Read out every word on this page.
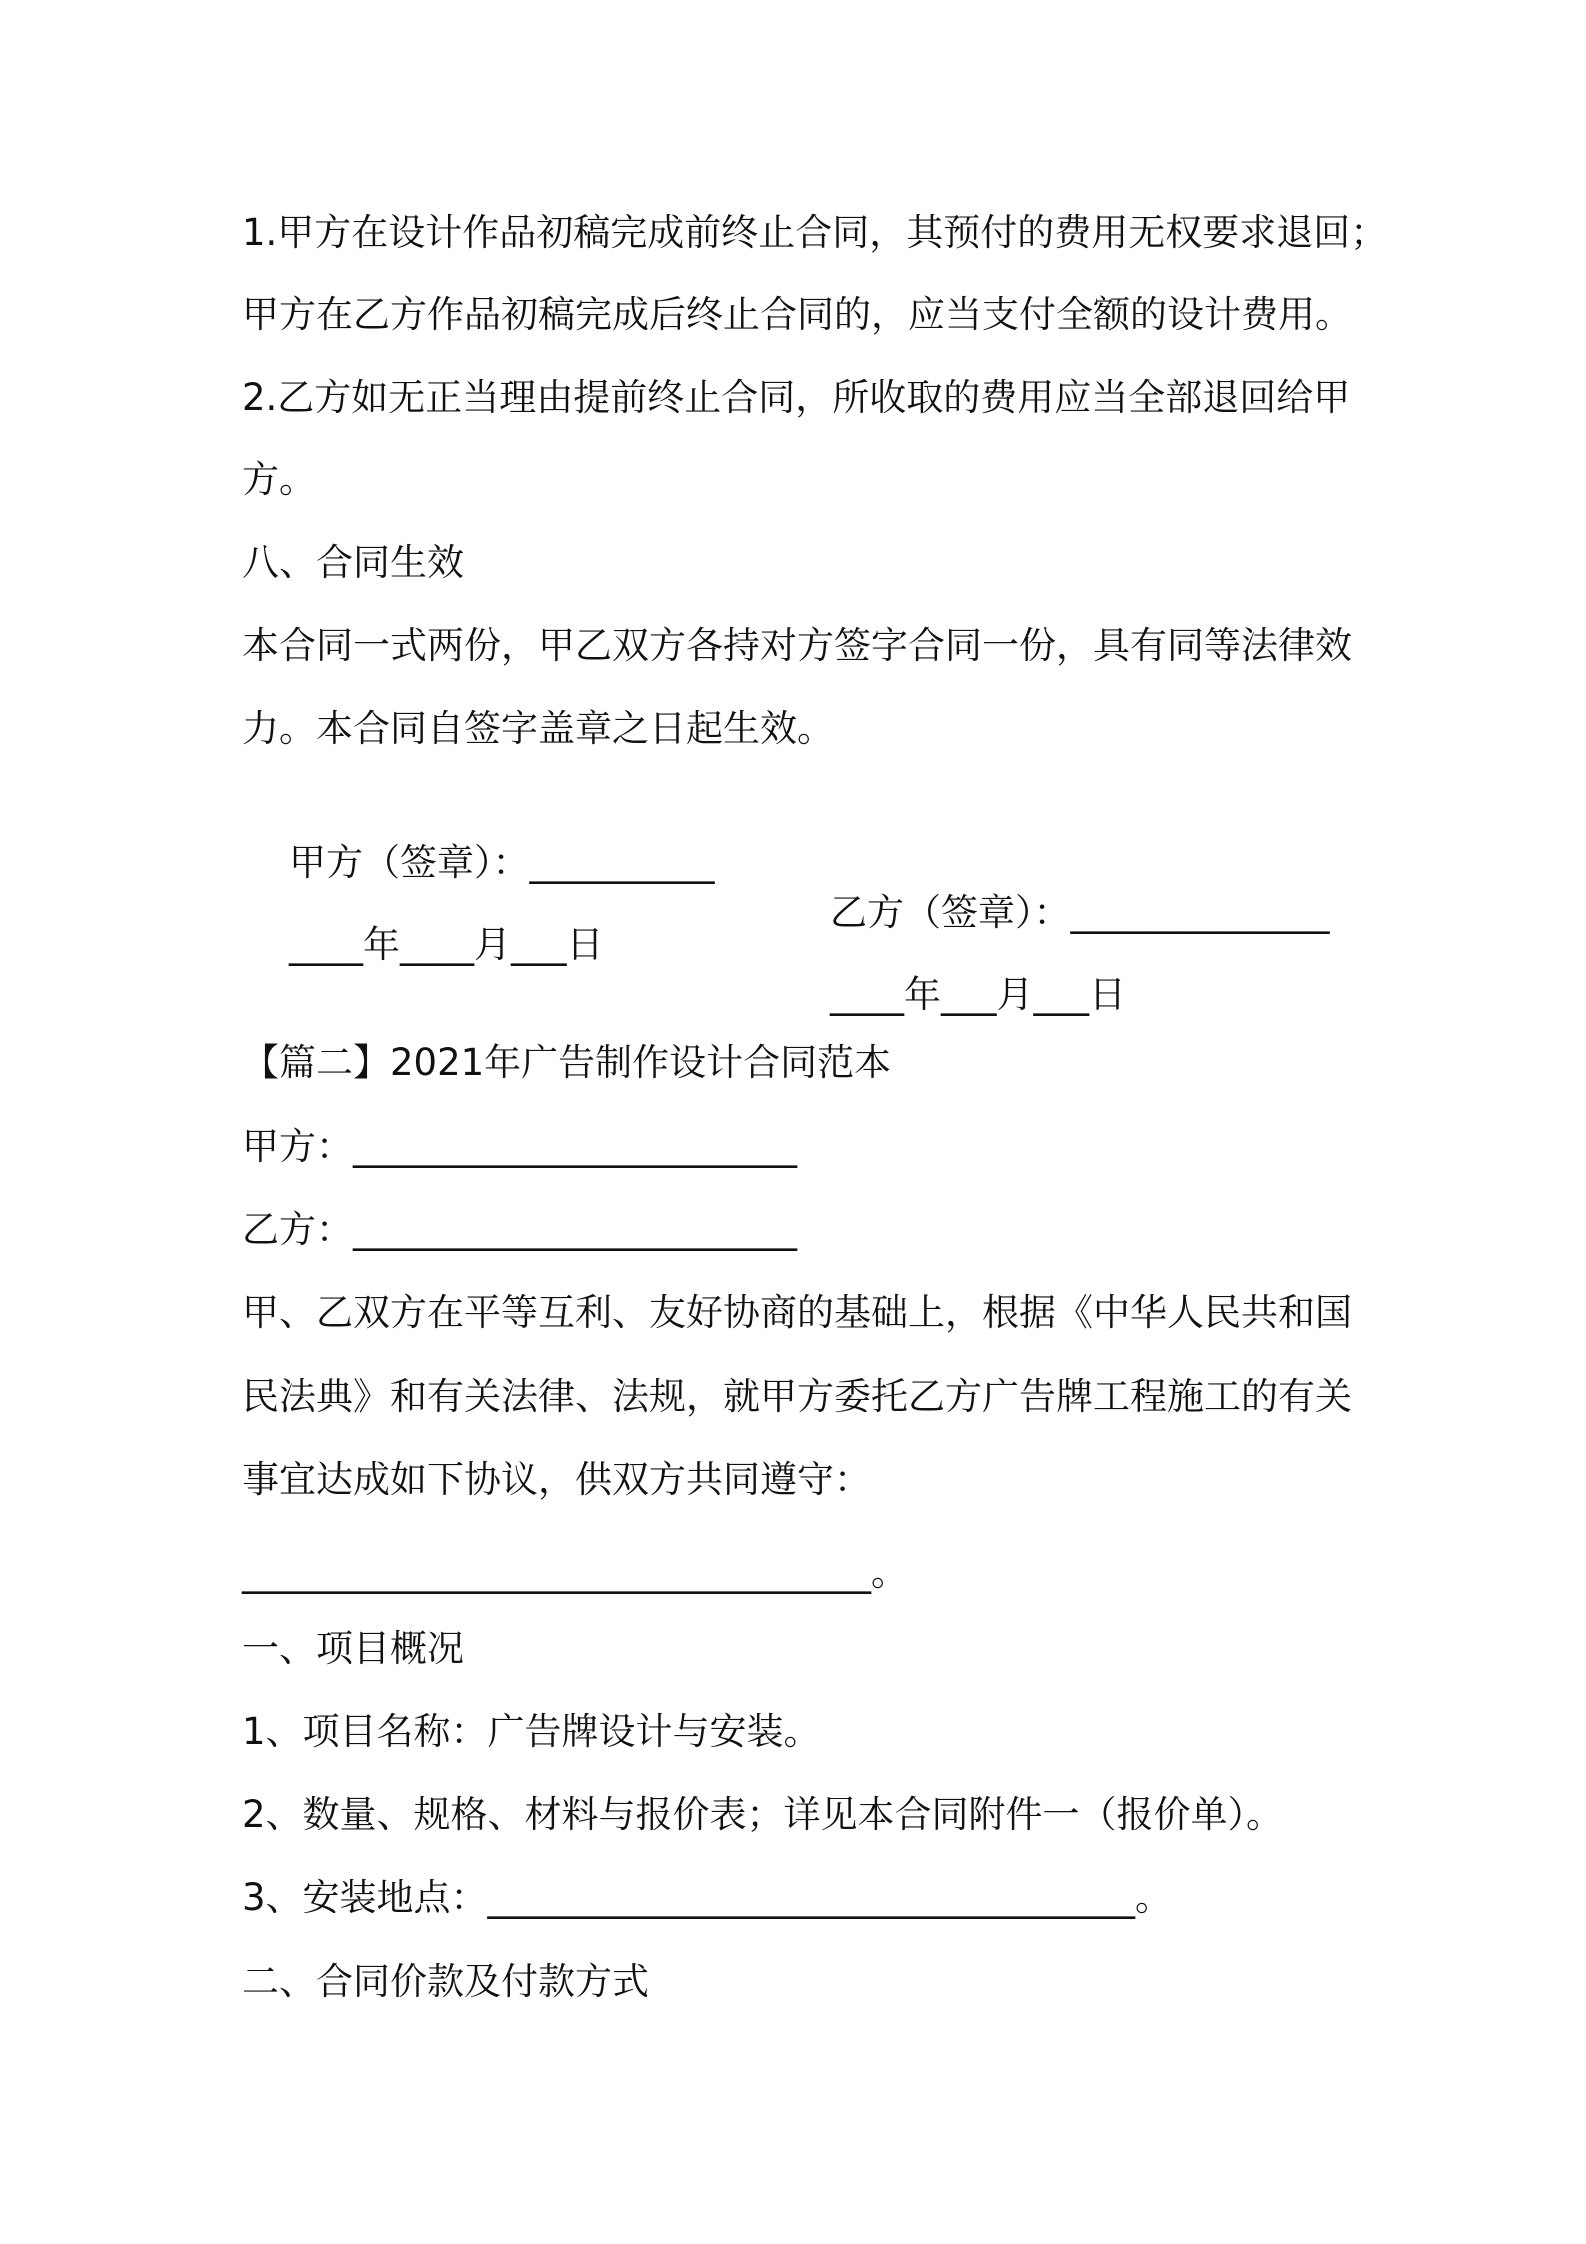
1.甲方在设计作品初稿完成前终止合同，其预付的费用无权要求退回；

甲方在乙方作品初稿完成后终止合同的，应当支付全额的设计费用。

2.乙方如无正当理由提前终止合同，所收取的费用应当全部退回给甲

方。

八、合同生效

本合同一式两份，甲乙双方各持对方签字合同一份，具有同等法律效

力。本合同自签字盖章之日起生效。

甲方（签章）：__________

乙方（签章）：______________

____年____月___日

____年___月___日

【篇二】2021年广告制作设计合同范本

甲方：________________________

乙方：________________________

甲、乙双方在平等互利、友好协商的基础上，根据《中华人民共和国

民法典》和有关法律、法规，就甲方委托乙方广告牌工程施工的有关

事宜达成如下协议，供双方共同遵守：

__________________________________。

一、项目概况

1、项目名称：广告牌设计与安装。

2、数量、规格、材料与报价表；详见本合同附件一（报价单）。

3、安装地点：___________________________________。

二、合同价款及付款方式
